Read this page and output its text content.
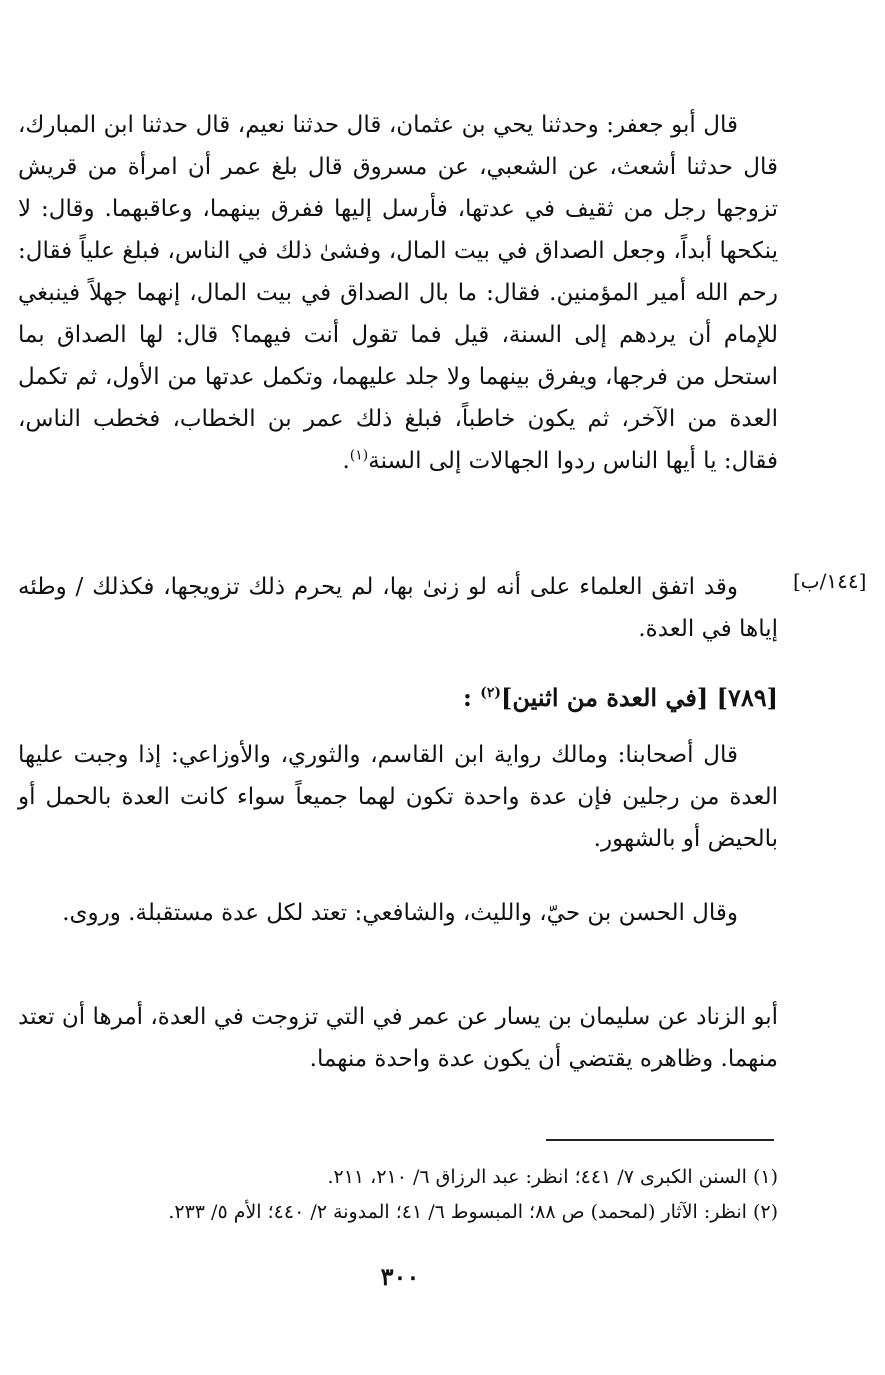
[١٤٤/ب]
قال أبو جعفر: وحدثنا يحي بن عثمان، قال حدثنا نعيم، قال حدثنا ابن المبارك، قال حدثنا أشعث، عن الشعبي، عن مسروق قال بلغ عمر أن امرأة من قريش تزوجها رجل من ثقيف في عدتها، فأرسل إليها ففرق بينهما، وعاقبهما. وقال: لا ينكحها أبداً، وجعل الصداق في بيت المال، وفشىٰ ذلك في الناس، فبلغ علياً فقال: رحم الله أمير المؤمنين. فقال: ما بال الصداق في بيت المال، إنهما جهلاً فينبغي للإمام أن يردهم إلى السنة، قيل فما تقول أنت فيهما؟ قال: لها الصداق بما استحل من فرجها، ويفرق بينهما ولا جلد عليهما، وتكمل عدتها من الأول، ثم تكمل العدة من الآخر، ثم يكون خاطباً، فبلغ ذلك عمر بن الخطاب، فخطب الناس، فقال: يا أيها الناس ردوا الجهالات إلى السنة$^{(١)}$.
وقد اتفق العلماء على أنه لو زنىٰ بها، لم يحرم ذلك تزويجها، فكذلك / وطئه إياها في العدة.
[٧٨٩] [في العدة من اثنين]$^{(٢)}$ :
قال أصحابنا: ومالك رواية ابن القاسم، والثوري، والأوزاعي: إذا وجبت عليها العدة من رجلين فإن عدة واحدة تكون لهما جميعاً سواء كانت العدة بالحمل أو بالحيض أو بالشهور.
وقال الحسن بن حيّ، والليث، والشافعي: تعتد لكل عدة مستقبلة. وروى.
أبو الزناد عن سليمان بن يسار عن عمر في التي تزوجت في العدة، أمرها أن تعتد منهما. وظاهره يقتضي أن يكون عدة واحدة منهما.
(١) السنن الكبرى ٧/ ٤٤١؛ انظر: عبد الرزاق ٦/ ٢١٠، ٢١١.
(٢) انظر: الآثار (لمحمد) ص ٨٨؛ المبسوط ٦/ ٤١؛ المدونة ٢/ ٤٤٠؛ الأم ٥/ ٢٣٣.
٣٠٠
